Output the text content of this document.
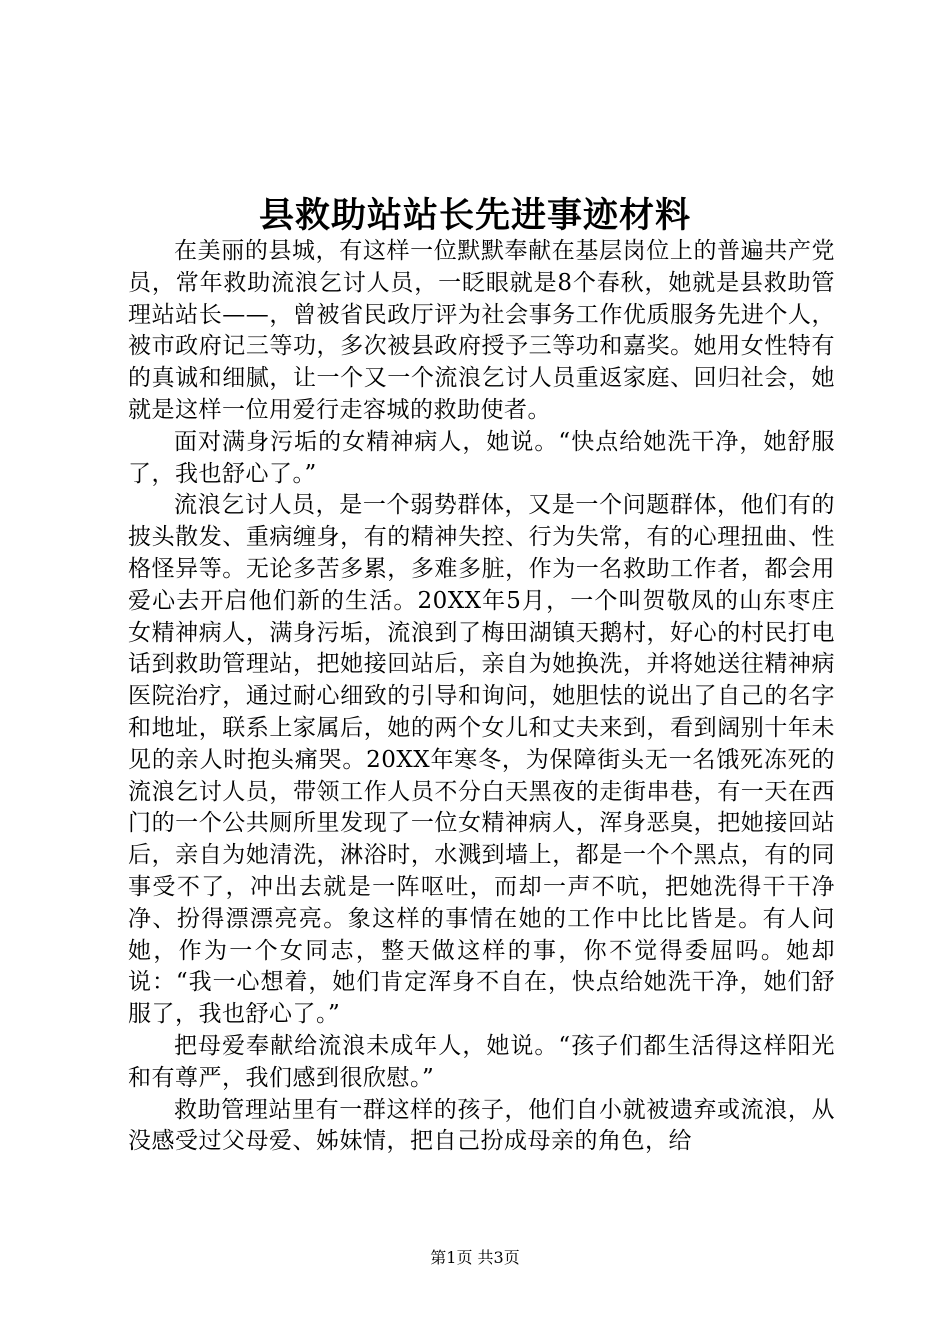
县救助站站长先进事迹材料

在美丽的县城，有这样一位默默奉献在基层岗位上的普遍共产党员，常年救助流浪乞讨人员，一眨眼就是8个春秋，她就是县救助管理站站长——，曾被省民政厅评为社会事务工作优质服务先进个人，被市政府记三等功，多次被县政府授予三等功和嘉奖。她用女性特有的真诚和细腻，让一个又一个流浪乞讨人员重返家庭、回归社会，她就是这样一位用爱行走容城的救助使者。

面对满身污垢的女精神病人，她说。“快点给她洗干净，她舒服了，我也舒心了。”

流浪乞讨人员，是一个弱势群体，又是一个问题群体，他们有的披头散发、重病缠身，有的精神失控、行为失常，有的心理扭曲、性格怪异等。无论多苦多累，多难多脏，作为一名救助工作者，都会用爱心去开启他们新的生活。20XX年5月，一个叫贺敬凤的山东枣庄女精神病人，满身污垢，流浪到了梅田湖镇天鹅村，好心的村民打电话到救助管理站，把她接回站后，亲自为她换洗，并将她送往精神病医院治疗，通过耐心细致的引导和询问，她胆怯的说出了自己的名字和地址，联系上家属后，她的两个女儿和丈夫来到，看到阔别十年未见的亲人时抱头痛哭。20XX年寒冬，为保障街头无一名饿死冻死的流浪乞讨人员，带领工作人员不分白天黑夜的走街串巷，有一天在西门的一个公共厕所里发现了一位女精神病人，浑身恶臭，把她接回站后，亲自为她清洗，淋浴时，水溅到墙上，都是一个个黑点，有的同事受不了，冲出去就是一阵呕吐，而却一声不吭，把她洗得干干净净、扮得漂漂亮亮。象这样的事情在她的工作中比比皆是。有人问她，作为一个女同志，整天做这样的事，你不觉得委屈吗。她却说：“我一心想着，她们肯定浑身不自在，快点给她洗干净，她们舒服了，我也舒心了。”

把母爱奉献给流浪未成年人，她说。“孩子们都生活得这样阳光和有尊严，我们感到很欣慰。”

救助管理站里有一群这样的孩子，他们自小就被遗弃或流浪，从没感受过父母爱、姊妹情，把自己扮成母亲的角色，给

第1页 共3页
